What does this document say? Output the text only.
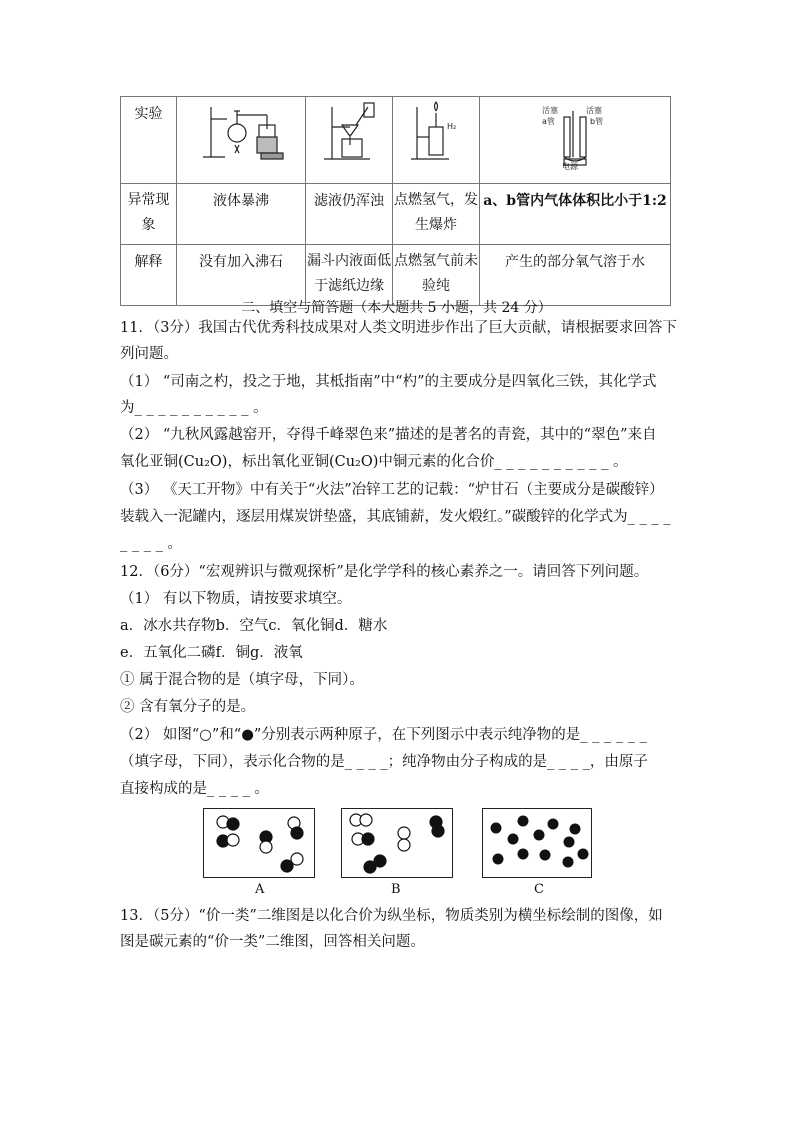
实验			H₂	活塞 活塞
a管 b管
电源

异常现象	液体暴沸	滤液仍浑浊	点燃氢气，发生爆炸	a、b管内气体体积比小于1:2

解释	没有加入沸石	漏斗内液面低于滤纸边缘	点燃氢气前未验纯	产生的部分氧气溶于水
二、填空与简答题（本大题共 5 小题，共 24 分）
11．（3分）我国古代优秀科技成果对人类文明进步作出了巨大贡献，请根据要求回答下
列问题。
（1） “司南之杓，投之于地，其柢指南”中“杓”的主要成分是四氧化三铁，其化学式
为_ _ _ _ _ _ _ _ _ _ 。
（2） “九秋风露越窑开，夺得千峰翠色来”描述的是著名的青瓷，其中的“翠色”来自
氧化亚铜(Cu₂O)，标出氧化亚铜(Cu₂O)中铜元素的化合价_ _ _ _ _ _ _ _ _ _ 。
（3） 《天工开物》中有关于“火法”冶锌工艺的记载：“炉甘石（主要成分是碳酸锌）
装载入一泥罐内，逐层用煤炭饼垫盛，其底铺薪，发火煅红。”碳酸锌的化学式为_ _ _ _
_ _ _ _ 。
12．（6分）“宏观辨识与微观探析”是化学学科的核心素养之一。请回答下列问题。
（1） 有以下物质，请按要求填空。
a．冰水共存物b．空气c．氧化铜d．糖水
e．五氧化二磷f．铜g．液氧
① 属于混合物的是（填字母，下同）。
② 含有氧分子的是。
（2） 如图“○”和“●”分别表示两种原子，在下列图示中表示纯净物的是_ _ _ _ _ _
（填字母，下同），表示化合物的是_ _ _ _；纯净物由分子构成的是_ _ _ _，由原子
直接构成的是_ _ _ _ 。
A	B	C
13．（5分）“价一类”二维图是以化合价为纵坐标，物质类别为横坐标绘制的图像，如
图是碳元素的“价一类”二维图，回答相关问题。
